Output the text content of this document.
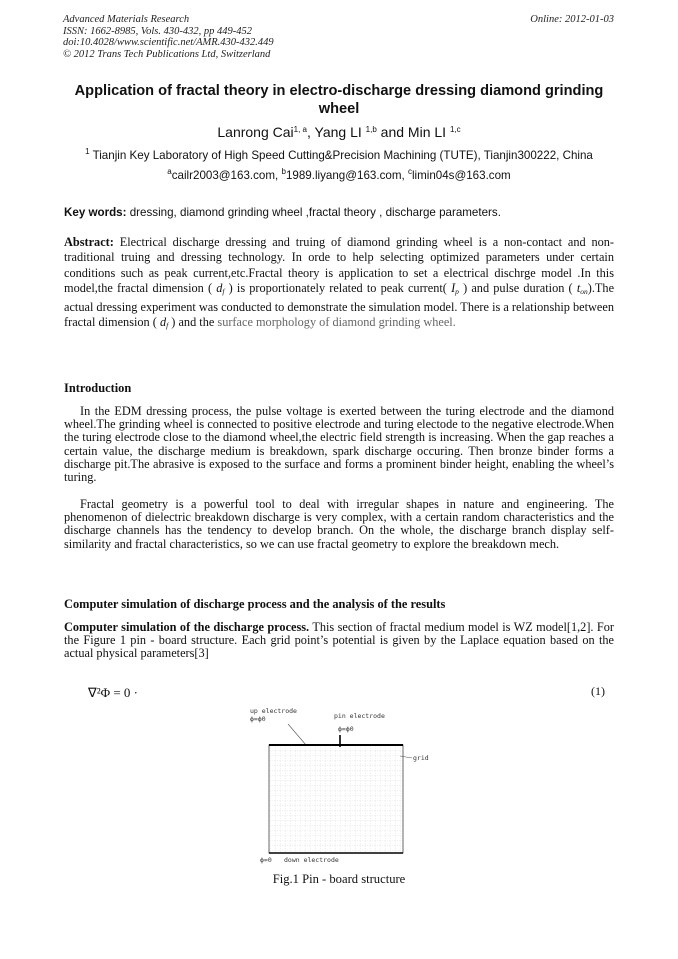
Advanced Materials Research
ISSN: 1662-8985, Vols. 430-432, pp 449-452
doi:10.4028/www.scientific.net/AMR.430-432.449
© 2012 Trans Tech Publications Ltd, Switzerland
Online: 2012-01-03
Application of fractal theory in electro-discharge dressing diamond grinding wheel
Lanrong Cai$^{1, a}$, Yang LI $^{1,b}$ and Min LI $^{1,c}$
$^1$ Tianjin Key Laboratory of High Speed Cutting&Precision Machining (TUTE), Tianjin300222, China
$^a$cailr2003@163.com, $^b$1989.liyang@163.com, $^c$limin04s@163.com
Key words: dressing, diamond grinding wheel ,fractal theory , discharge parameters.
Abstract: Electrical discharge dressing and truing of diamond grinding wheel is a non-contact and non-traditional truing and dressing technology. In orde to help selecting optimized parameters under certain conditions such as peak current,etc.Fractal theory is application to set a electrical dischrge model .In this model,the fractal dimension ( $d_f$ ) is proportionately related to peak current( $I_p$ ) and pulse duration ( $t_{on}).The$ actual dressing experiment was conducted to demonstrate the simulation model. There is a relationship between fractal dimension ( $d_f$ ) and the surface morphology of diamond grinding wheel.
Introduction
In the EDM dressing process, the pulse voltage is exerted between the turing electrode and the diamond wheel.The grinding wheel is connected to positive electrode and turing electode to the negative electrode.When the turing electrode close to the diamond wheel,the electric field strength is increasing. When the gap reaches a certain value, the discharge medium is breakdown, spark discharge occuring. Then bronze binder forms a discharge pit.The abrasive is exposed to the surface and forms a prominent binder height, enabling the wheel’s turing.
Fractal geometry is a powerful tool to deal with irregular shapes in nature and engineering. The phenomenon of dielectric breakdown discharge is very complex, with a certain random characteristics and the discharge channels has the tendency to develop branch. On the whole, the discharge branch display self-similarity and fractal characteristics, so we can use fractal geometry to explore the breakdown mech.
Computer simulation of discharge process and the analysis of the results
Computer simulation of the discharge process. This section of fractal medium model is WZ model[1,2]. For the Figure 1 pin - board structure. Each grid point’s potential is given by the Laplace equation based on the actual physical parameters[3]
∇²Φ = 0 ·	(1)
up electrode
ϕ=ϕ0	pin electrode
ϕ=ϕ0
grid
ϕ=0 down electrode
Fig.1 Pin - board structure
